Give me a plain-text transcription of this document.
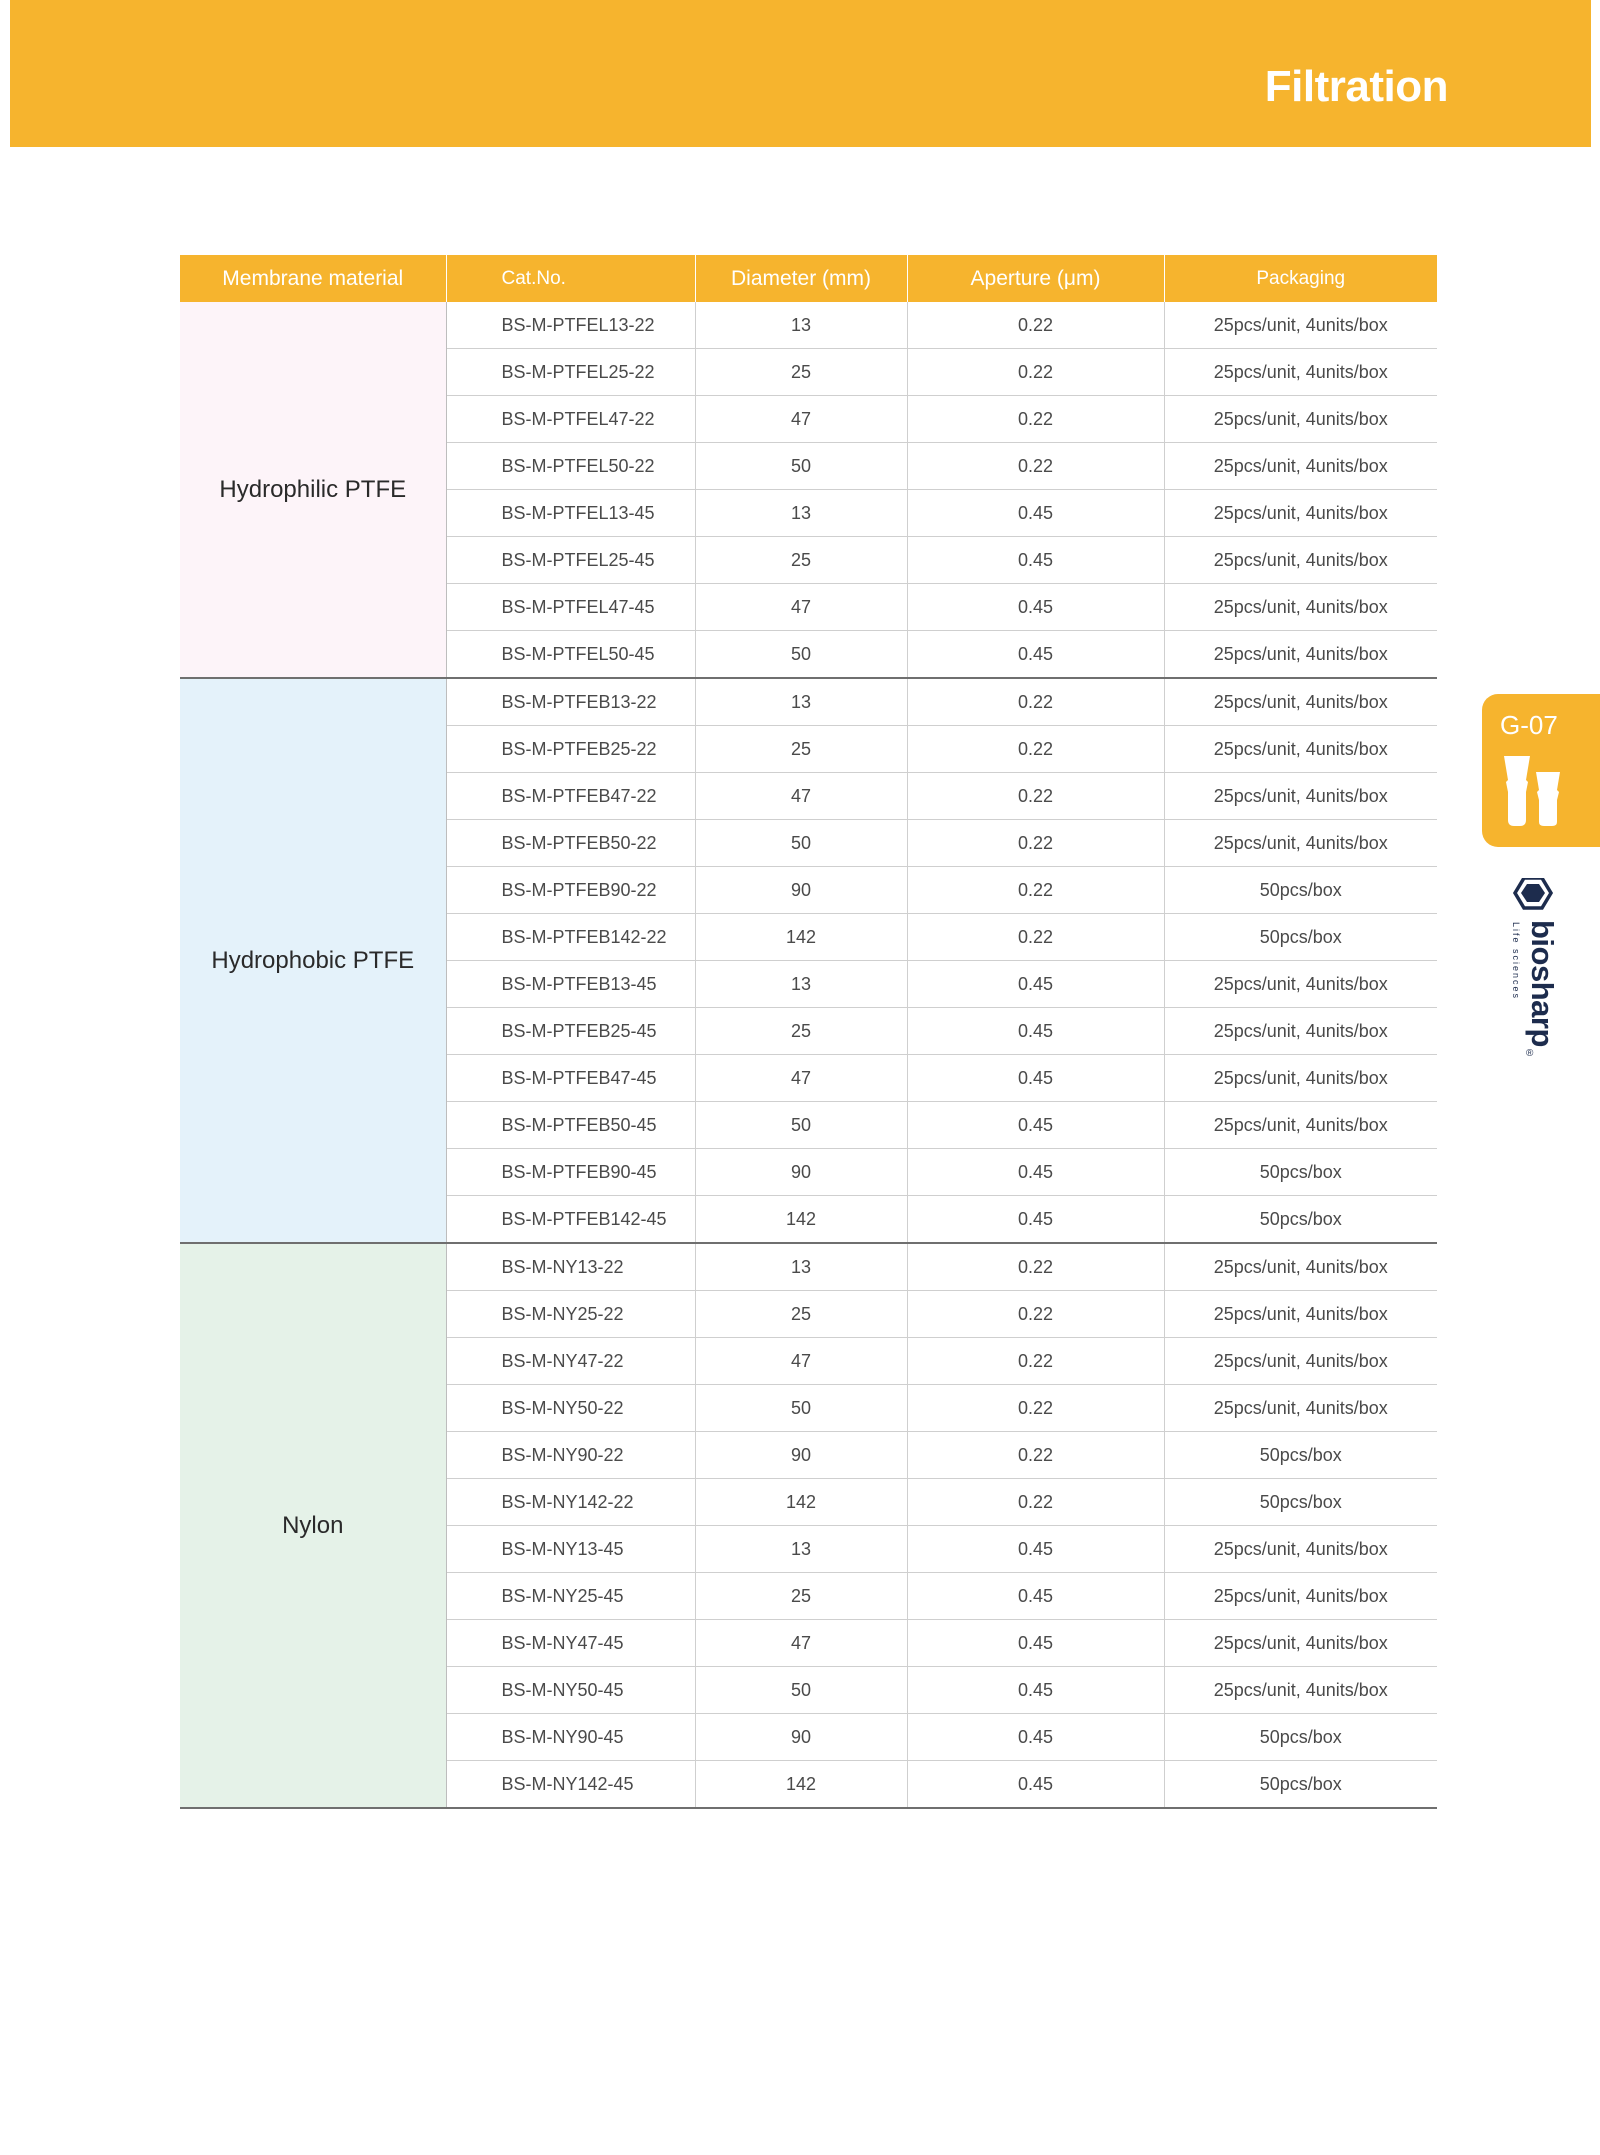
Filtration
Membrane material	Cat.No.	Diameter (mm)	Aperture (μm)	Packaging
Hydrophilic PTFE	BS-M-PTFEL13-22	13	0.22	25pcs/unit, 4units/box
	BS-M-PTFEL25-22	25	0.22	25pcs/unit, 4units/box
	BS-M-PTFEL47-22	47	0.22	25pcs/unit, 4units/box
	BS-M-PTFEL50-22	50	0.22	25pcs/unit, 4units/box
	BS-M-PTFEL13-45	13	0.45	25pcs/unit, 4units/box
	BS-M-PTFEL25-45	25	0.45	25pcs/unit, 4units/box
	BS-M-PTFEL47-45	47	0.45	25pcs/unit, 4units/box
	BS-M-PTFEL50-45	50	0.45	25pcs/unit, 4units/box
Hydrophobic PTFE	BS-M-PTFEB13-22	13	0.22	25pcs/unit, 4units/box
	BS-M-PTFEB25-22	25	0.22	25pcs/unit, 4units/box
	BS-M-PTFEB47-22	47	0.22	25pcs/unit, 4units/box
	BS-M-PTFEB50-22	50	0.22	25pcs/unit, 4units/box
	BS-M-PTFEB90-22	90	0.22	50pcs/box
	BS-M-PTFEB142-22	142	0.22	50pcs/box
	BS-M-PTFEB13-45	13	0.45	25pcs/unit, 4units/box
	BS-M-PTFEB25-45	25	0.45	25pcs/unit, 4units/box
	BS-M-PTFEB47-45	47	0.45	25pcs/unit, 4units/box
	BS-M-PTFEB50-45	50	0.45	25pcs/unit, 4units/box
	BS-M-PTFEB90-45	90	0.45	50pcs/box
	BS-M-PTFEB142-45	142	0.45	50pcs/box
Nylon	BS-M-NY13-22	13	0.22	25pcs/unit, 4units/box
	BS-M-NY25-22	25	0.22	25pcs/unit, 4units/box
	BS-M-NY47-22	47	0.22	25pcs/unit, 4units/box
	BS-M-NY50-22	50	0.22	25pcs/unit, 4units/box
	BS-M-NY90-22	90	0.22	50pcs/box
	BS-M-NY142-22	142	0.22	50pcs/box
	BS-M-NY13-45	13	0.45	25pcs/unit, 4units/box
	BS-M-NY25-45	25	0.45	25pcs/unit, 4units/box
	BS-M-NY47-45	47	0.45	25pcs/unit, 4units/box
	BS-M-NY50-45	50	0.45	25pcs/unit, 4units/box
	BS-M-NY90-45	90	0.45	50pcs/box
	BS-M-NY142-45	142	0.45	50pcs/box
G-07
biosharp
Life sciences
®
